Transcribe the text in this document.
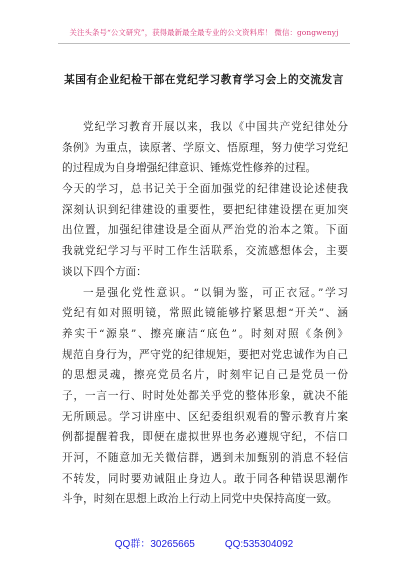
关注头条号“公文研究”，获得最新最全最专业的公文资料库！ 微信：gongwenyj
某国有企业纪检干部在党纪学习教育学习会上的交流发言
党纪学习教育开展以来，我以《中国共产党纪律处分
条例》为重点，读原著、学原文、悟原理，努力使学习党纪
的过程成为自身增强纪律意识、锤炼党性修养的过程。
今天的学习，总书记关于全面加强党的纪律建设论述使我
深刻认识到纪律建设的重要性，要把纪律建设摆在更加突
出位置，加强纪律建设是全面从严治党的治本之策。下面
我就党纪学习与平时工作生活联系，交流感想体会，主要
谈以下四个方面：
一是强化党性意识。“以铜为鉴，可正衣冠。”学习
党纪有如对照明镜，常照此镜能够拧紧思想“开关”、涵
养实干“源泉”、擦亮廉洁“底色”。时刻对照《条例》
规范自身行为，严守党的纪律规矩，要把对党忠诚作为自己
的思想灵魂，擦亮党员名片，时刻牢记自己是党员一份
子，一言一行、时时处处都关乎党的整体形象，就决不能
无所顾忌。学习讲座中、区纪委组织观看的警示教育片案
例都提醒着我，即便在虚拟世界也务必遵规守纪，不信口
开河，不随意加无关微信群，遇到未加甄别的消息不轻信
不转发，同时要劝诫阻止身边人。敢于同各种错误思潮作
斗争，时刻在思想上政治上行动上同党中央保持高度一致。
QQ群：30265665	QQ:535304092
